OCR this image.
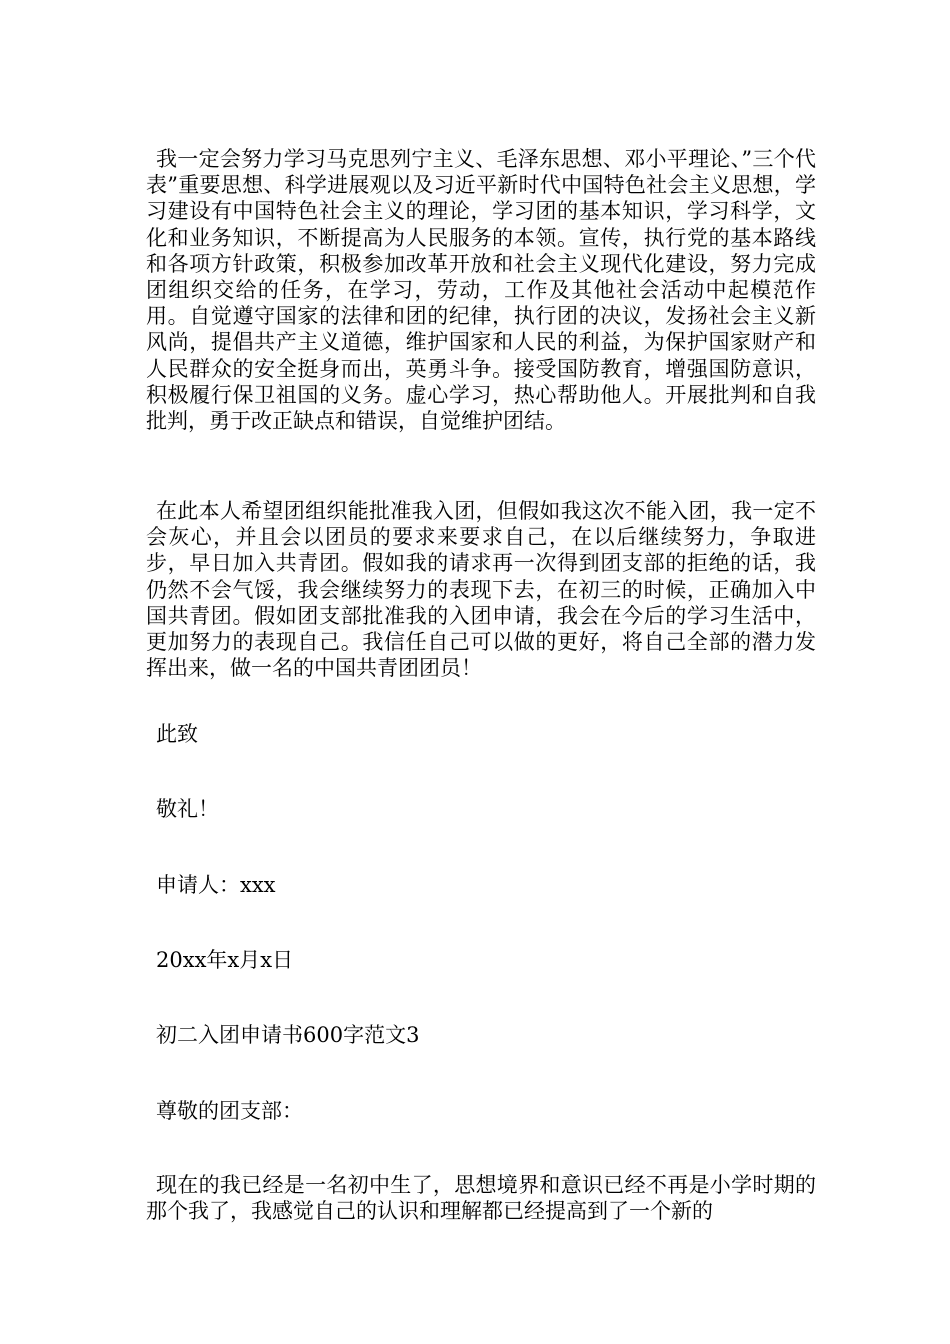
我一定会努力学习马克思列宁主义、毛泽东思想、邓小平理论、”三个代表”重要思想、科学进展观以及习近平新时代中国特色社会主义思想，学习建设有中国特色社会主义的理论，学习团的基本知识，学习科学，文化和业务知识，不断提高为人民服务的本领。宣传，执行党的基本路线和各项方针政策，积极参加改革开放和社会主义现代化建设，努力完成团组织交给的任务，在学习，劳动，工作及其他社会活动中起模范作用。自觉遵守国家的法律和团的纪律，执行团的决议，发扬社会主义新风尚，提倡共产主义道德，维护国家和人民的利益，为保护国家财产和人民群众的安全挺身而出，英勇斗争。接受国防教育，增强国防意识，积极履行保卫祖国的义务。虚心学习，热心帮助他人。开展批判和自我批判，勇于改正缺点和错误，自觉维护团结。

在此本人希望团组织能批准我入团，但假如我这次不能入团，我一定不会灰心，并且会以团员的要求来要求自己，在以后继续努力，争取进步，早日加入共青团。假如我的请求再一次得到团支部的拒绝的话，我仍然不会气馁，我会继续努力的表现下去，在初三的时候，正确加入中国共青团。假如团支部批准我的入团申请，我会在今后的学习生活中，更加努力的表现自己。我信任自己可以做的更好，将自己全部的潜力发挥出来，做一名的中国共青团团员！

此致

敬礼！

申请人：xxx

20xx年x月x日

初二入团申请书600字范文3

尊敬的团支部：

现在的我已经是一名初中生了，思想境界和意识已经不再是小学时期的那个我了，我感觉自己的认识和理解都已经提高到了一个新的
